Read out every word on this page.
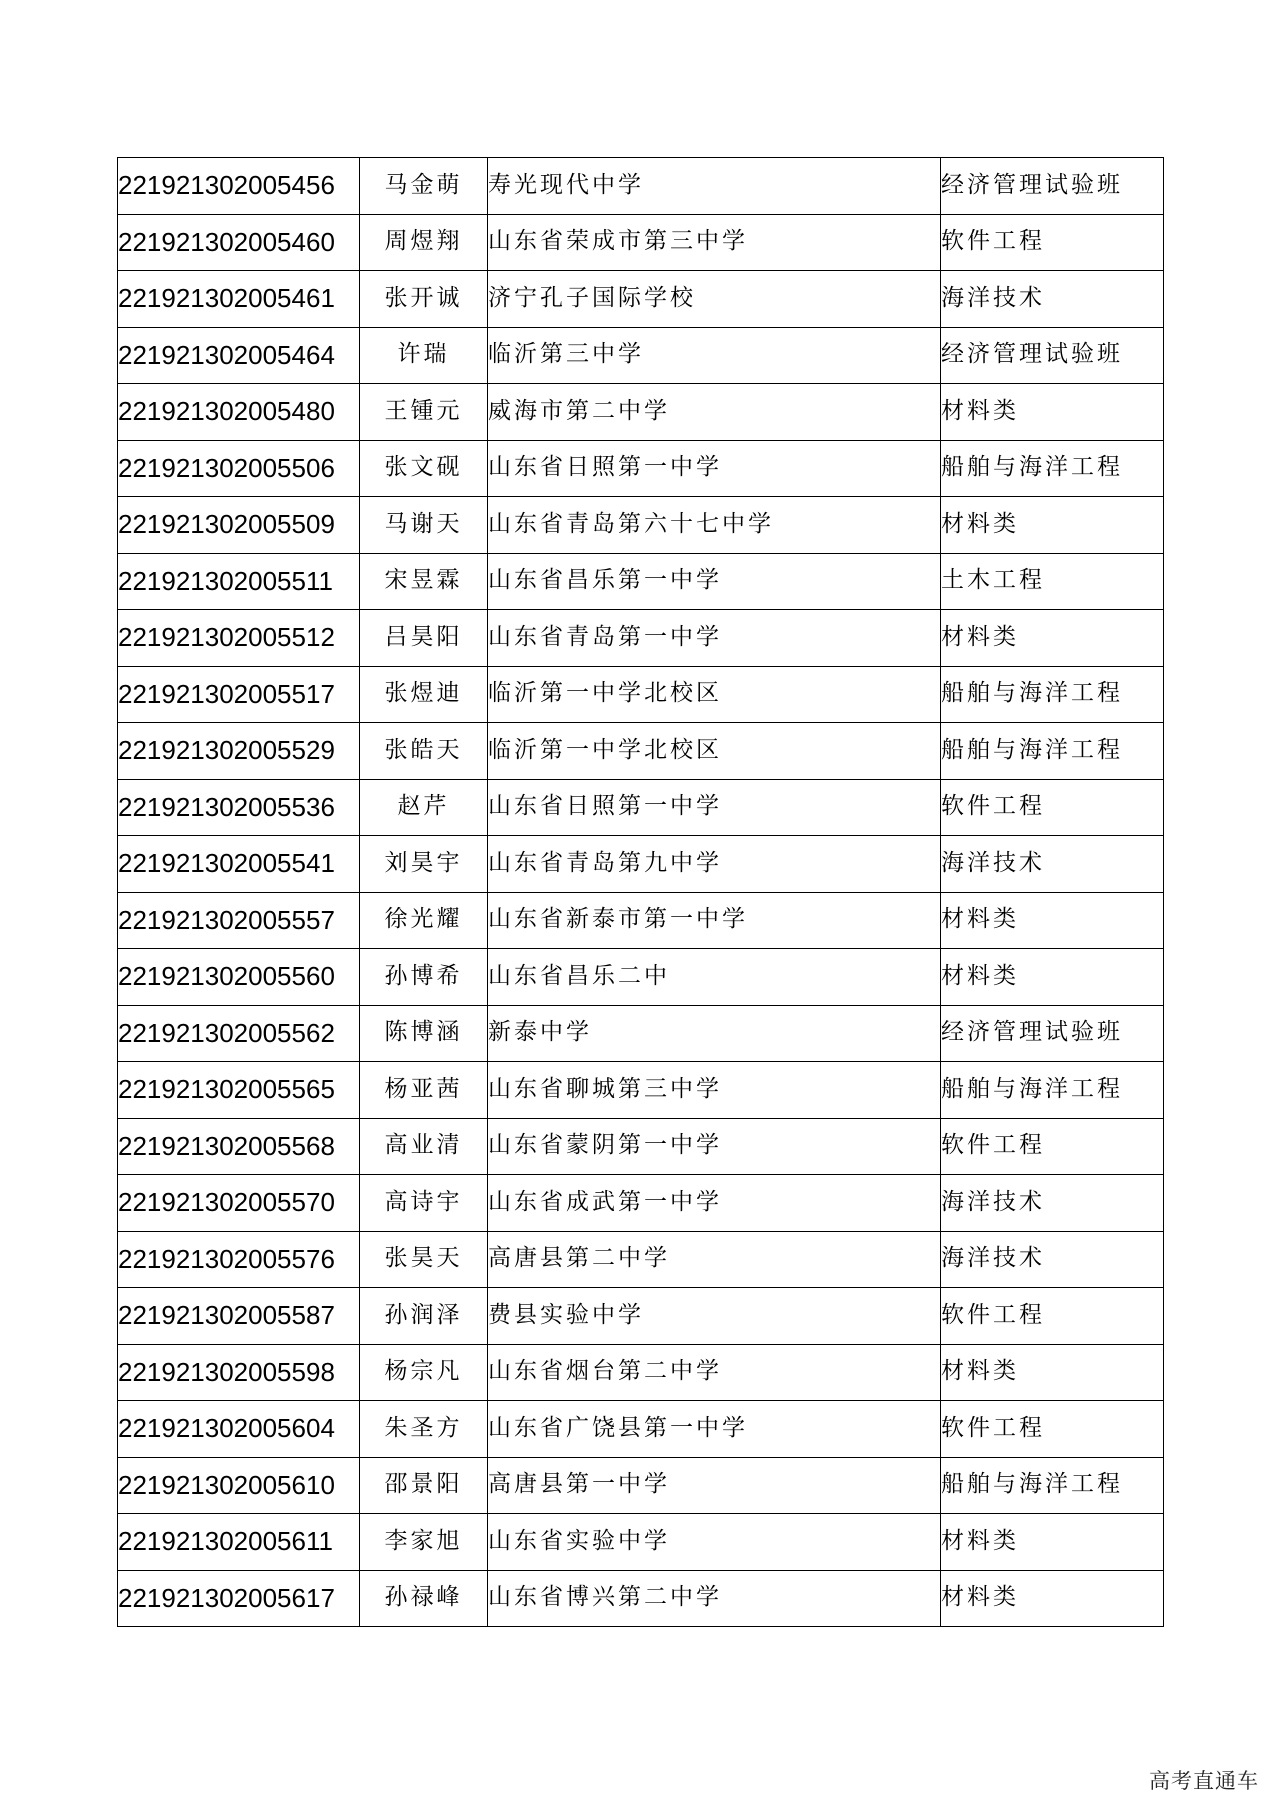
221921302005456	马金萌	寿光现代中学	经济管理试验班
221921302005460	周煜翔	山东省荣成市第三中学	软件工程
221921302005461	张开诚	济宁孔子国际学校	海洋技术
221921302005464	许瑞	临沂第三中学	经济管理试验班
221921302005480	王锺元	威海市第二中学	材料类
221921302005506	张文砚	山东省日照第一中学	船舶与海洋工程
221921302005509	马谢天	山东省青岛第六十七中学	材料类
221921302005511	宋昱霖	山东省昌乐第一中学	土木工程
221921302005512	吕昊阳	山东省青岛第一中学	材料类
221921302005517	张煜迪	临沂第一中学北校区	船舶与海洋工程
221921302005529	张皓天	临沂第一中学北校区	船舶与海洋工程
221921302005536	赵芹	山东省日照第一中学	软件工程
221921302005541	刘昊宇	山东省青岛第九中学	海洋技术
221921302005557	徐光耀	山东省新泰市第一中学	材料类
221921302005560	孙博希	山东省昌乐二中	材料类
221921302005562	陈博涵	新泰中学	经济管理试验班
221921302005565	杨亚茜	山东省聊城第三中学	船舶与海洋工程
221921302005568	高业清	山东省蒙阴第一中学	软件工程
221921302005570	高诗宇	山东省成武第一中学	海洋技术
221921302005576	张昊天	高唐县第二中学	海洋技术
221921302005587	孙润泽	费县实验中学	软件工程
221921302005598	杨宗凡	山东省烟台第二中学	材料类
221921302005604	朱圣方	山东省广饶县第一中学	软件工程
221921302005610	邵景阳	高唐县第一中学	船舶与海洋工程
221921302005611	李家旭	山东省实验中学	材料类
221921302005617	孙禄峰	山东省博兴第二中学	材料类
高考直通车
